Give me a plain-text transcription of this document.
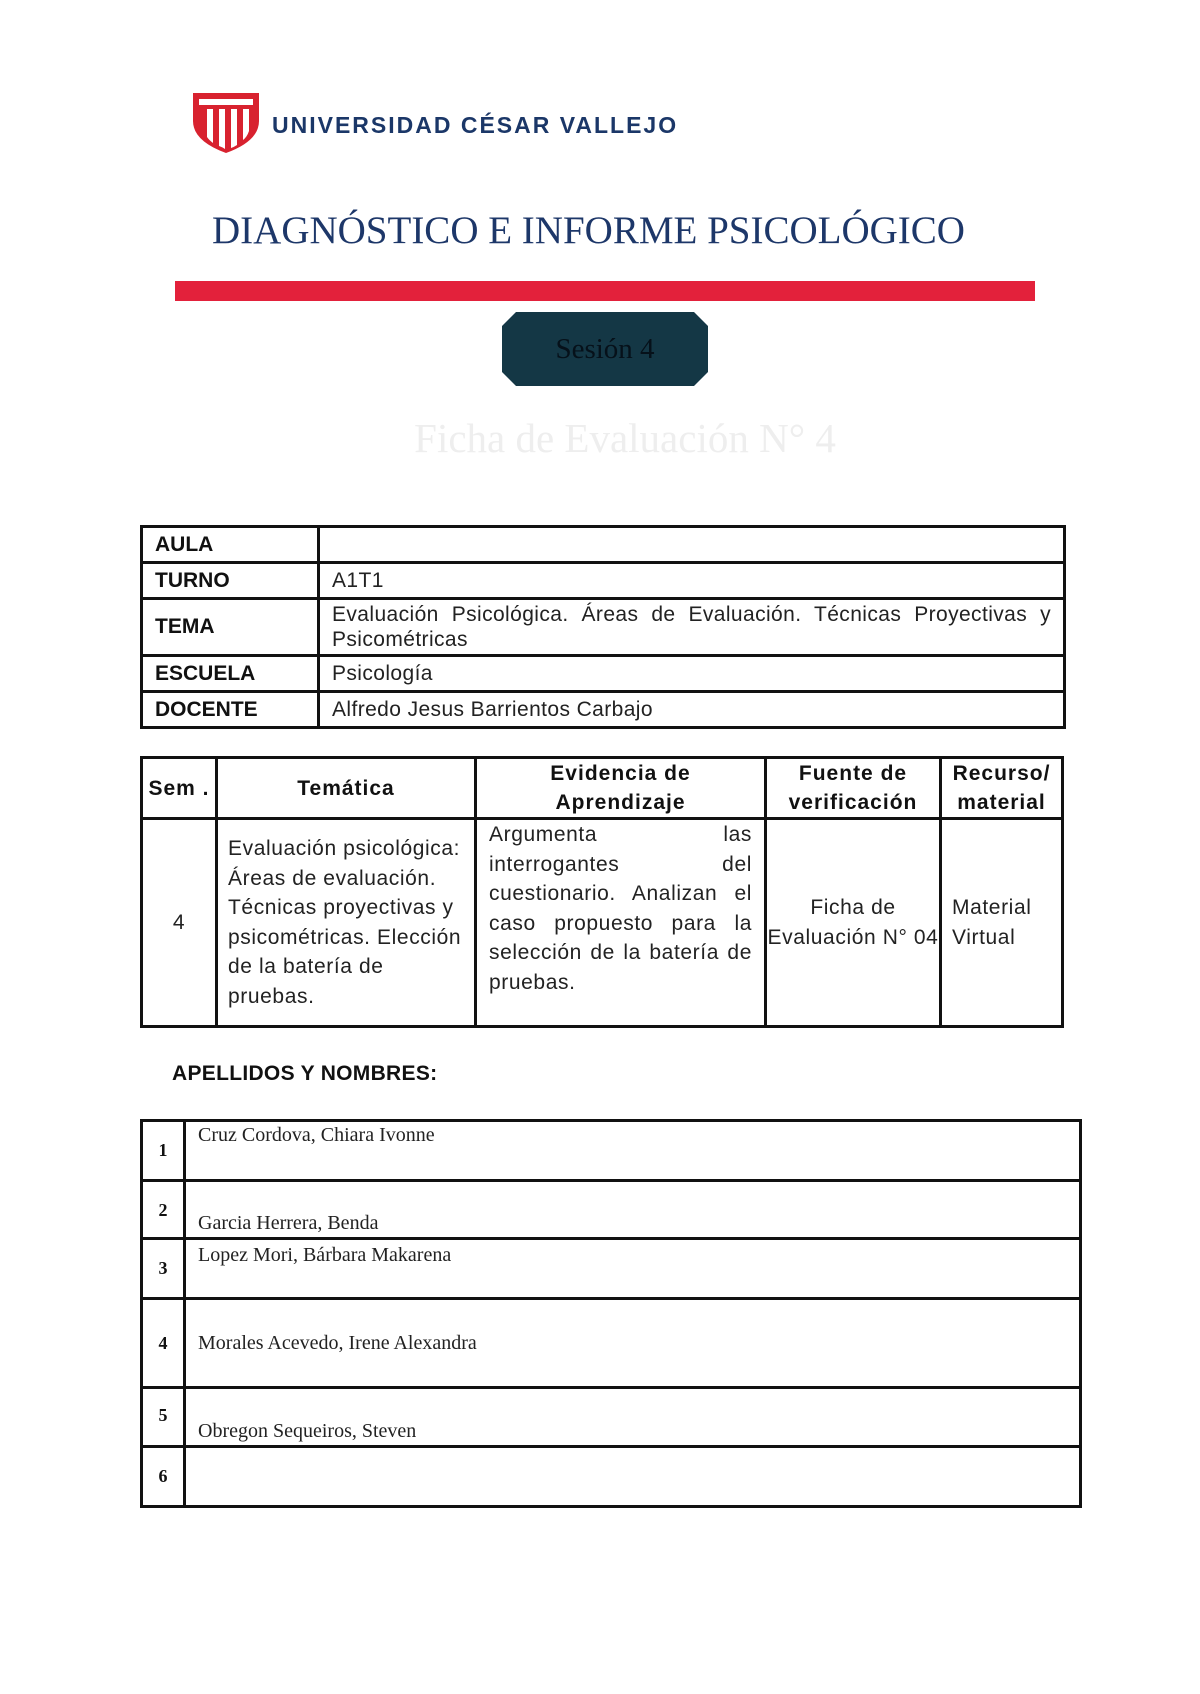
UNIVERSIDAD CÉSAR VALLEJO
DIAGNÓSTICO E INFORME PSICOLÓGICO
Sesión 4
Ficha de Evaluación N° 4
AULA	
TURNO	A1T1
TEMA	Evaluación Psicológica. Áreas de Evaluación. Técnicas Proyectivas y Psicométricas
ESCUELA	Psicología
DOCENTE	Alfredo Jesus Barrientos Carbajo
Sem .	Temática	Evidencia de Aprendizaje	Fuente de verificación	Recurso/material
4	Evaluación psicológica: Áreas de evaluación. Técnicas proyectivas y psicométricas. Elección de la batería de pruebas.	Argumenta las interrogantes del cuestionario. Analizan el caso propuesto para la selección de la batería de pruebas.	Ficha de Evaluación N° 04	Material Virtual
APELLIDOS Y NOMBRES:
1	Cruz Cordova, Chiara Ivonne
2	Garcia Herrera, Benda
3	Lopez Mori, Bárbara Makarena
4	Morales Acevedo, Irene Alexandra
5	Obregon Sequeiros, Steven
6	
